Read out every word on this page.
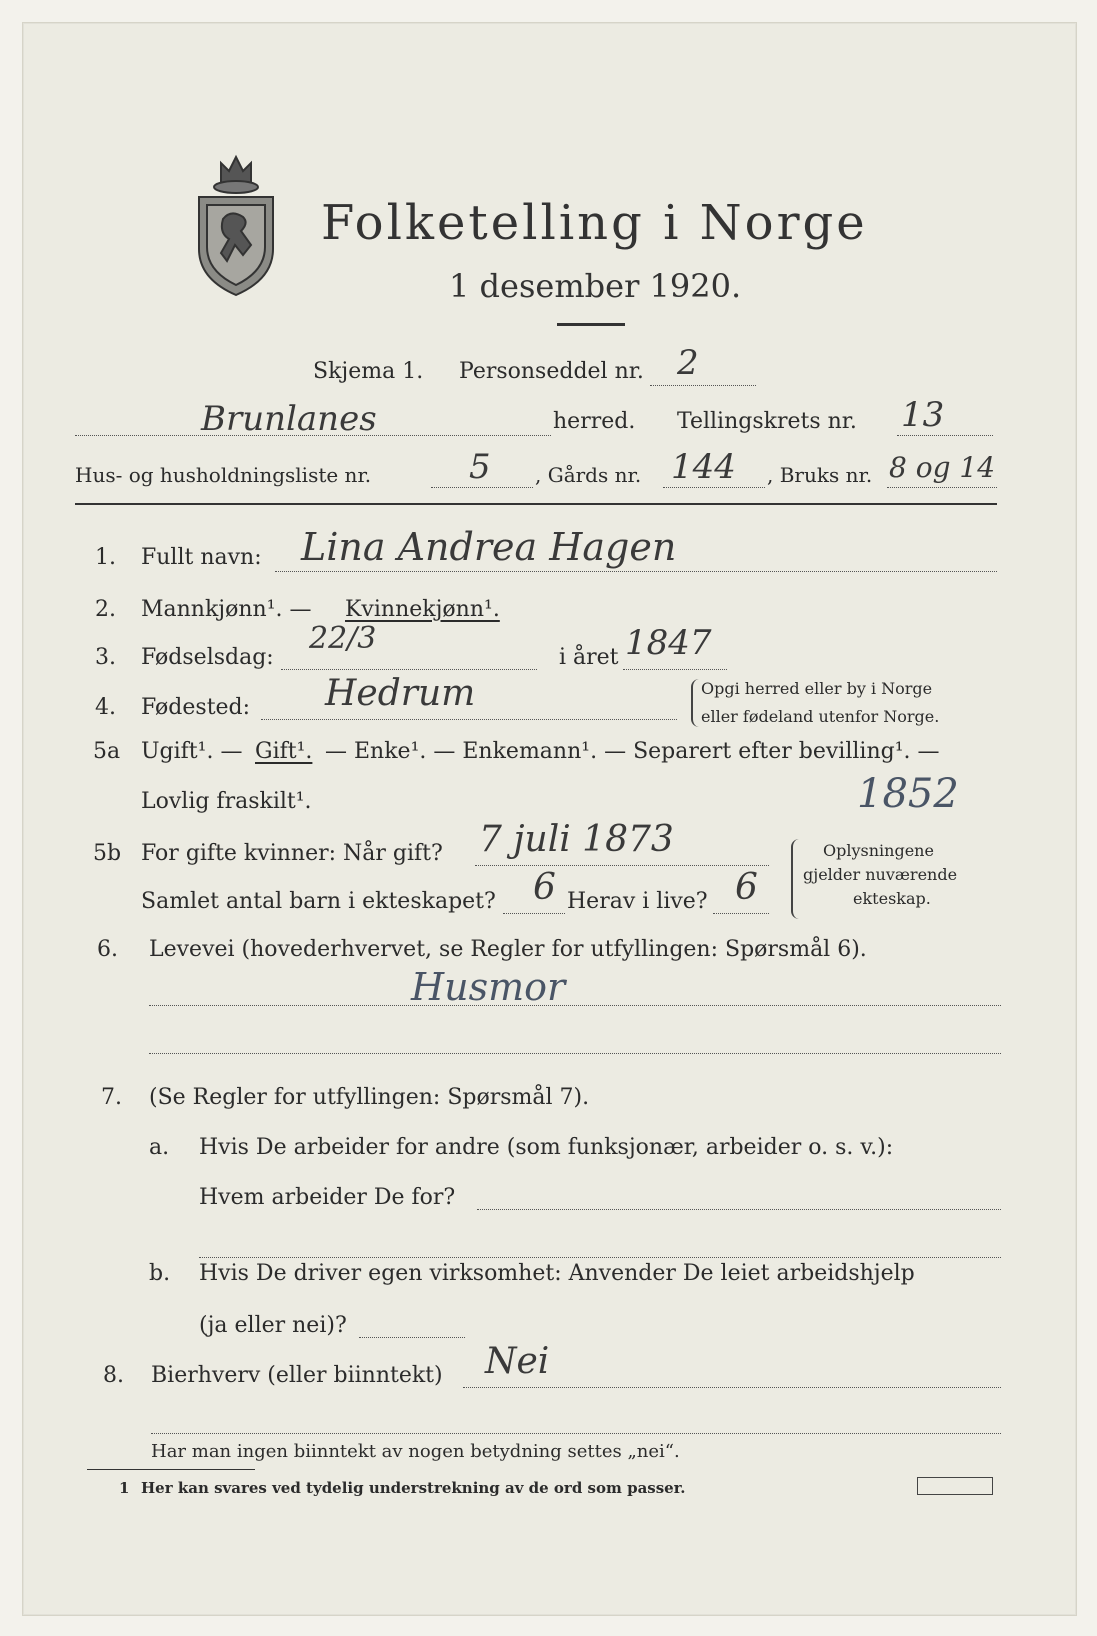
Folketelling i Norge
1 desember 1920.
Skjema 1. Personseddel nr. 2
Brunlanes	herred. Tellingskrets nr. 13
Hus- og husholdningsliste nr.	5 , Gårds nr. 144 , Bruks nr. 8 og 14
1. Fullt navn: Lina Andrea Hagen
2. Mannkjønn¹. — Kvinnekjønn¹.
3. Fødselsdag:
22/3
i året 1847
4. Fødested: Hedrum	Opgi herred eller by i Norge
eller fødeland utenfor Norge.
5a Ugift¹. — Gift¹. — Enke¹. — Enkemann¹. — Separert efter bevilling¹. —
Lovlig fraskilt¹.	1852
5b For gifte kvinner: Når gift? 7 juli 1873
Samlet antal barn i ekteskapet? 6 Herav i live? 6
Oplysningene
gjelder nuværende
ekteskap.
6. Levevei (hovederhvervet, se Regler for utfyllingen: Spørsmål 6).
Husmor
7. (Se Regler for utfyllingen: Spørsmål 7).
a. Hvis De arbeider for andre (som funksjonær, arbeider o. s. v.):
Hvem arbeider De for?
b. Hvis De driver egen virksomhet: Anvender De leiet arbeidshjelp
(ja eller nei)?
8. Bierhverv (eller biinntekt) Nei
Har man ingen biinntekt av nogen betydning settes „nei“.
1 Her kan svares ved tydelig understrekning av de ord som passer.
